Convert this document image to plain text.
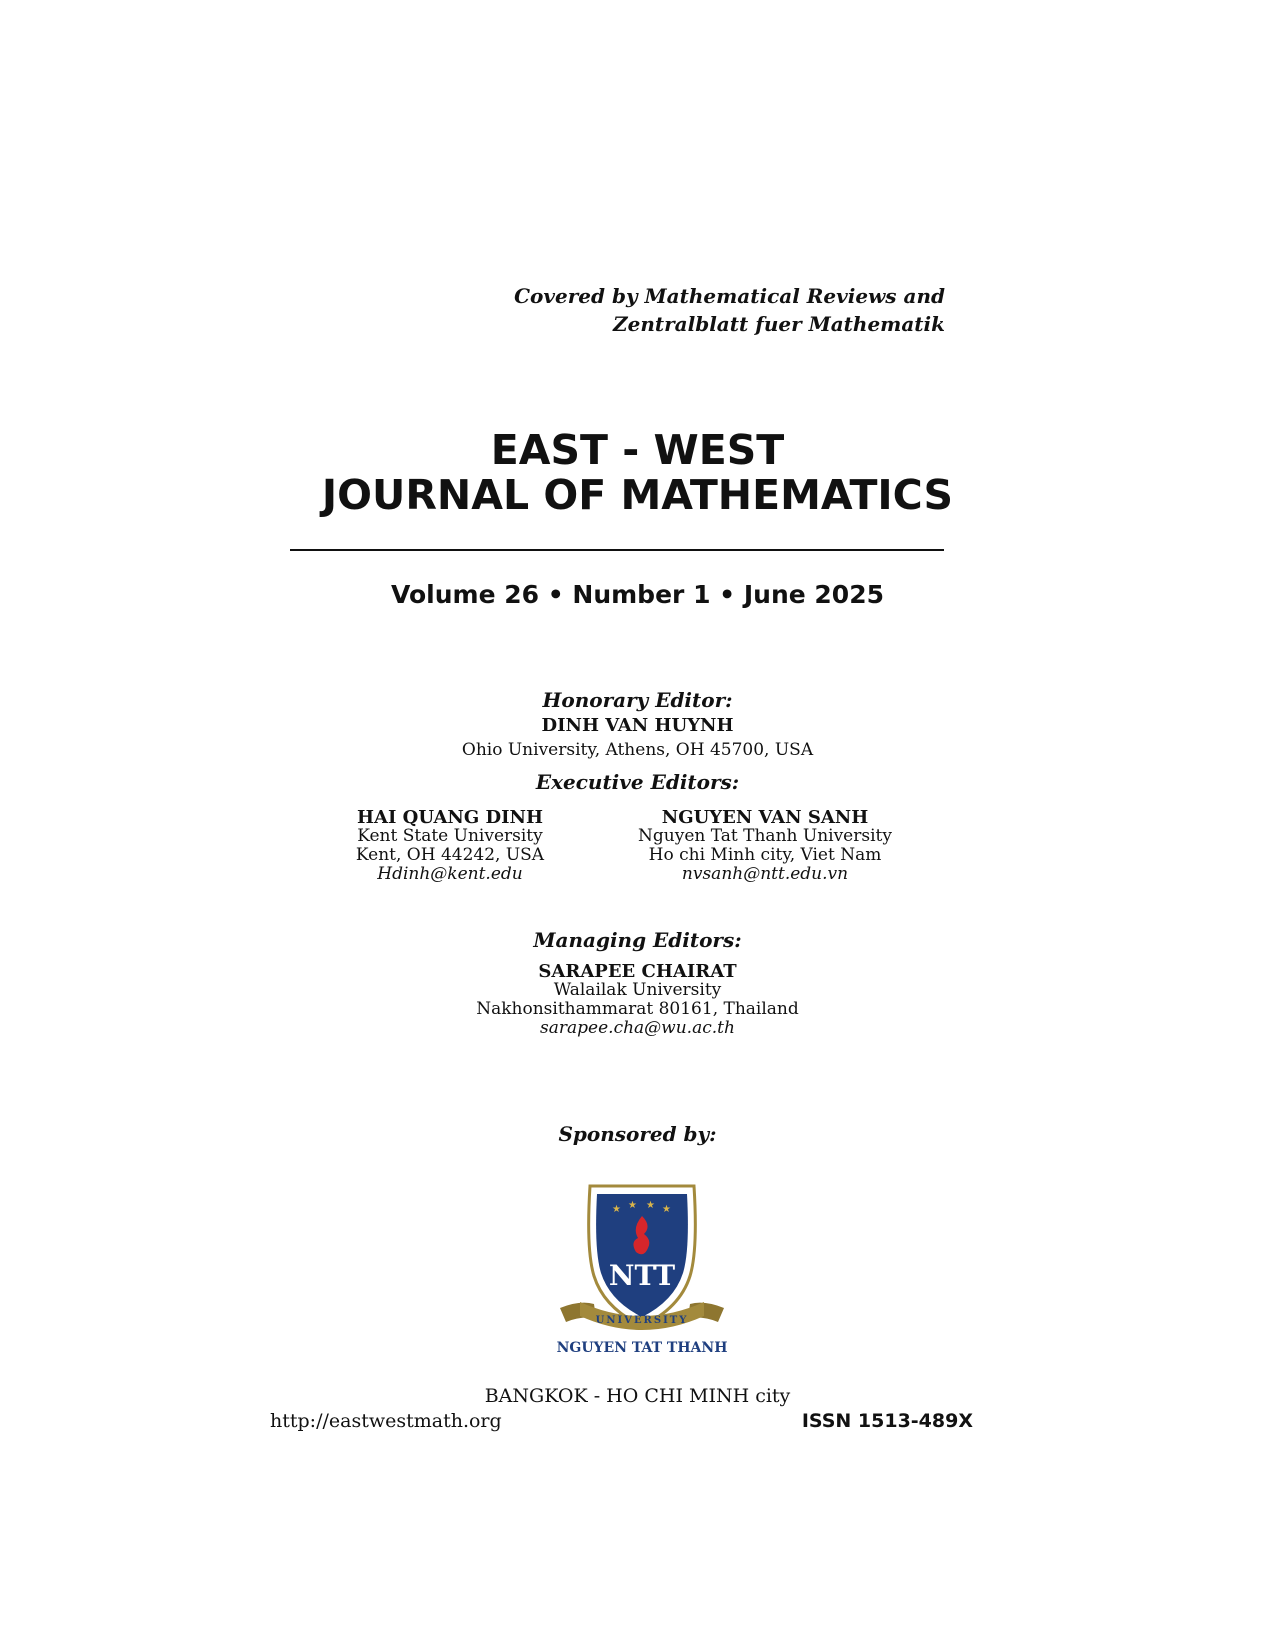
Covered by Mathematical Reviews and
Zentralblatt fuer Mathematik
EAST - WEST
JOURNAL OF MATHEMATICS
Volume 26 • Number 1 • June 2025
Honorary Editor:
DINH VAN HUYNH
Ohio University, Athens, OH 45700, USA
Executive Editors:
HAI QUANG DINH
Kent State University
Kent, OH 44242, USA
Hdinh@kent.edu
NGUYEN VAN SANH
Nguyen Tat Thanh University
Ho chi Minh city, Viet Nam
nvsanh@ntt.edu.vn
Managing Editors:
SARAPEE CHAIRAT
Walailak University
Nakhonsithammarat 80161, Thailand
sarapee.cha@wu.ac.th
Sponsored by:
★ ★ ★ ★
NTT
UNIVERSITY
NGUYEN TAT THANH
BANGKOK - HO CHI MINH city
http://eastwestmath.org	ISSN 1513-489X
